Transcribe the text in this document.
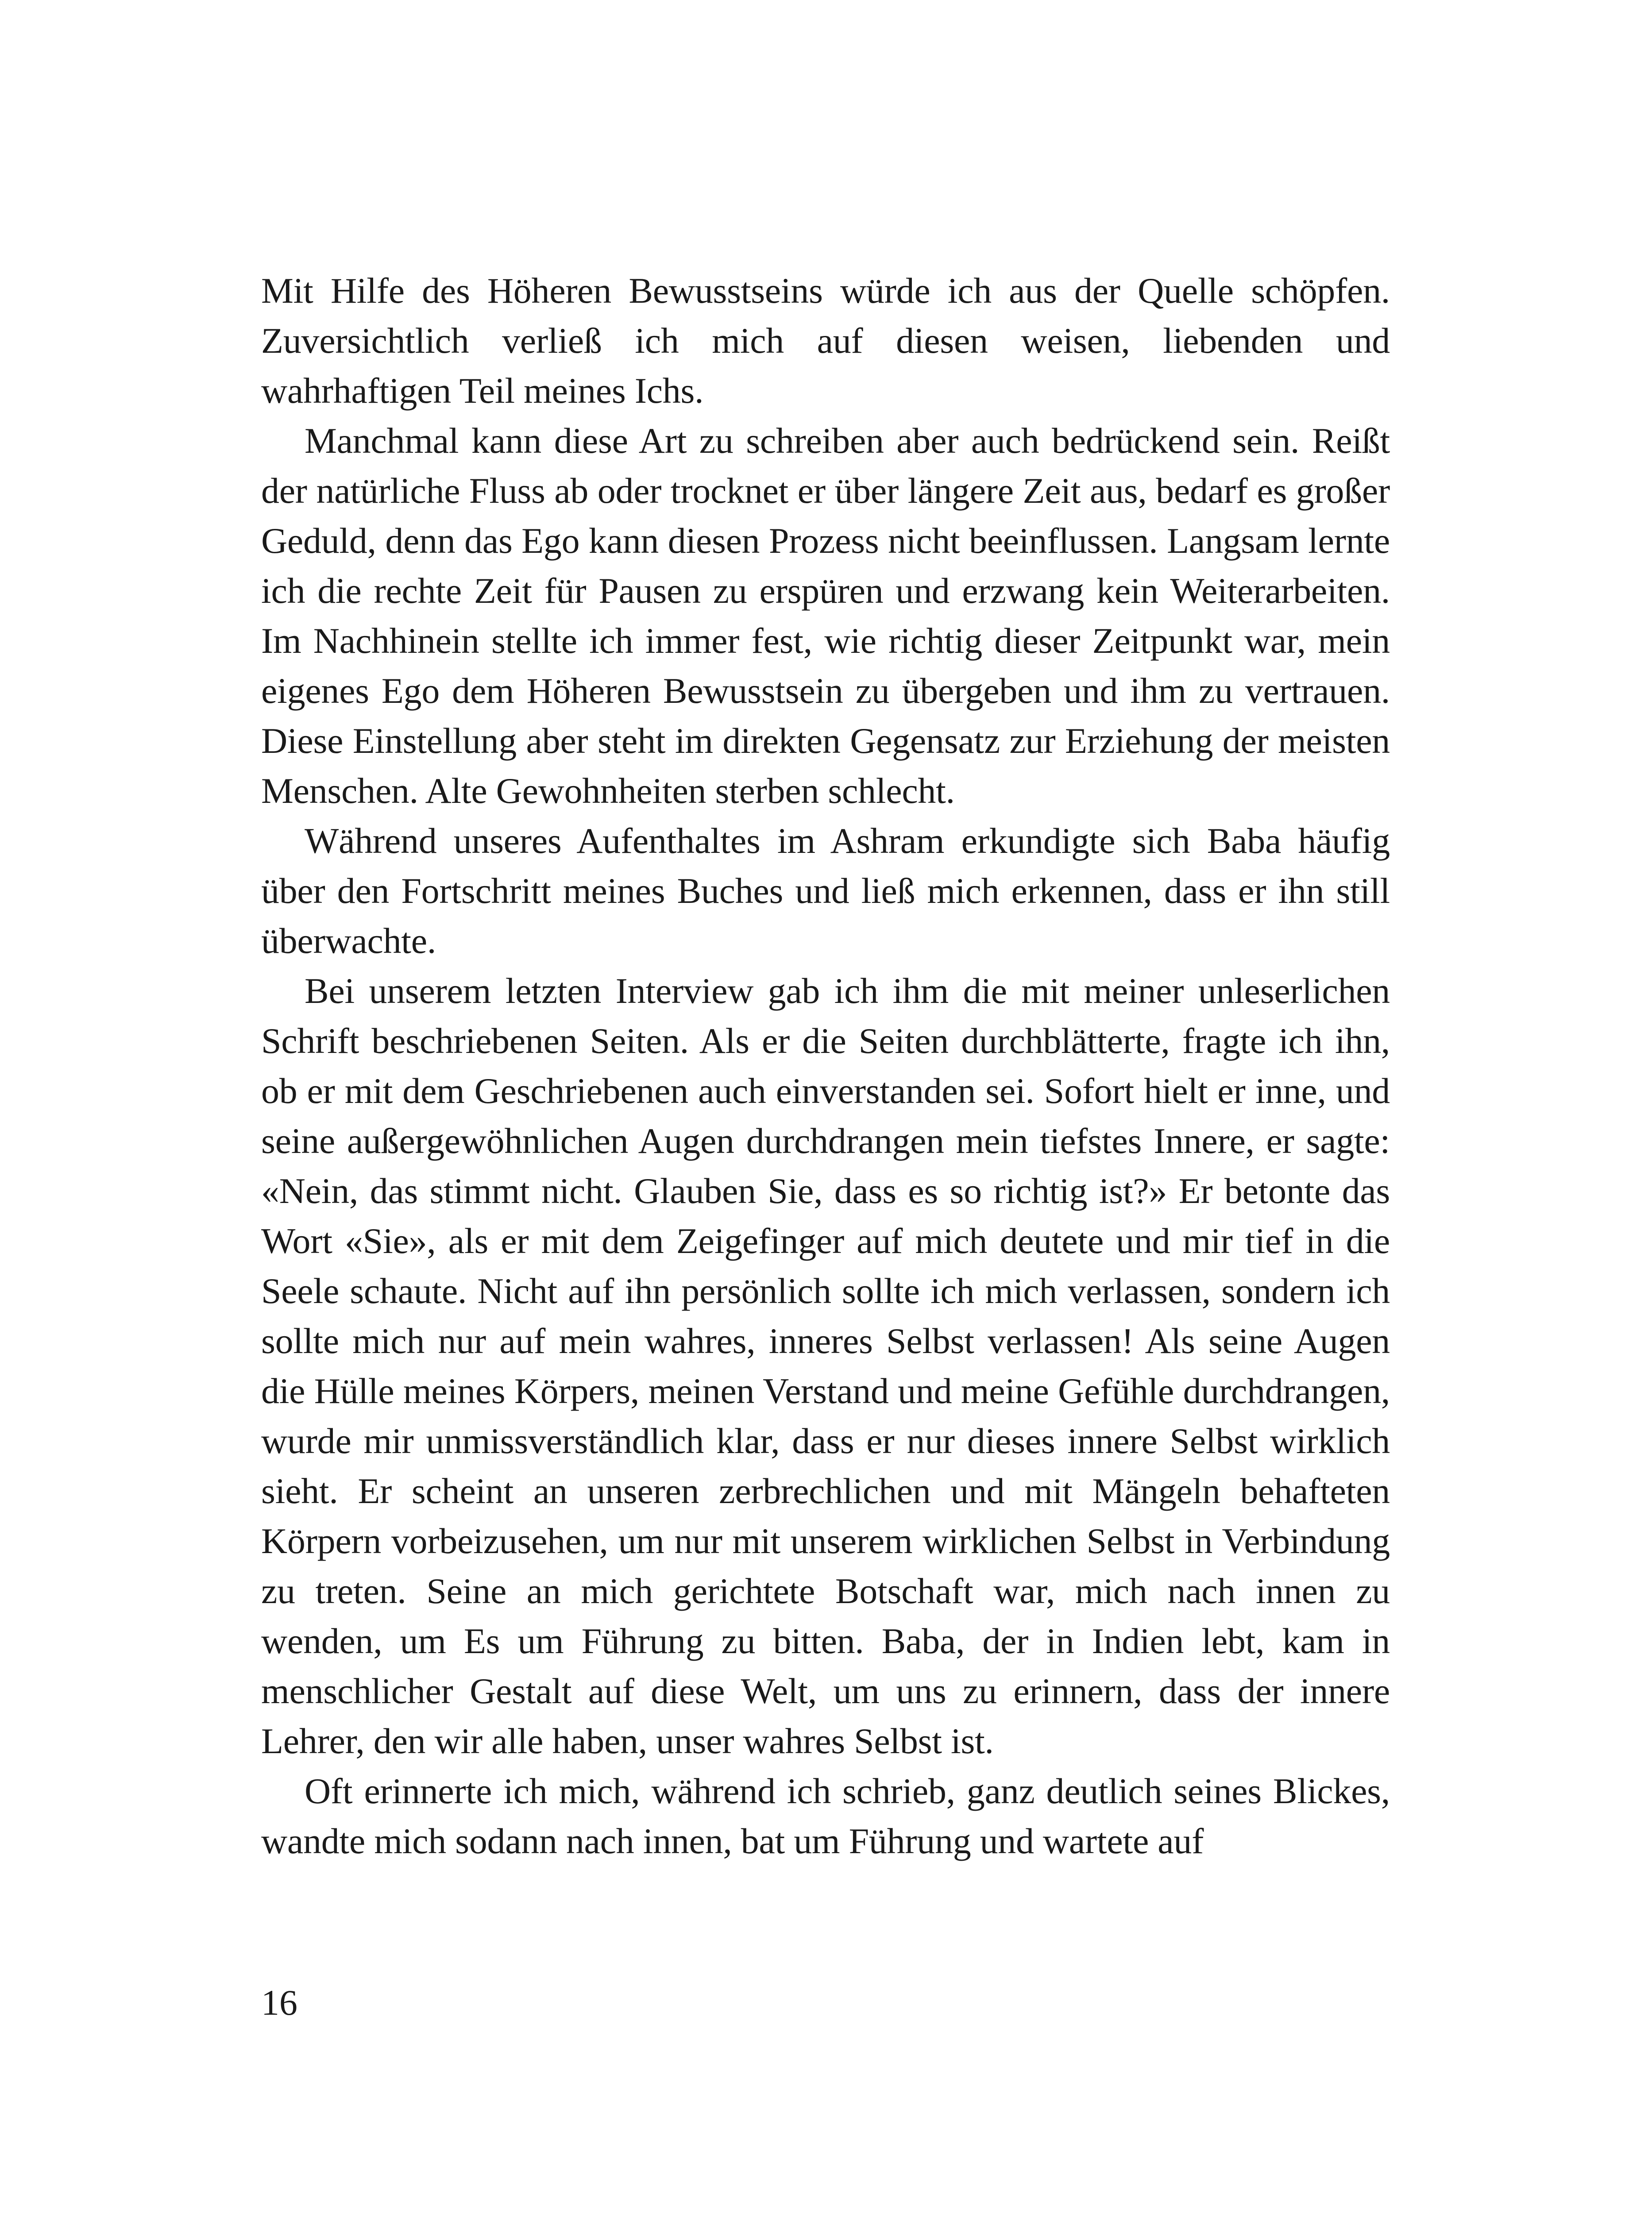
Mit Hilfe des Höheren Bewusstseins würde ich aus der Quelle schöpfen. Zuversichtlich verließ ich mich auf diesen weisen, liebenden und wahrhaftigen Teil meines Ichs.

Manchmal kann diese Art zu schreiben aber auch bedrückend sein. Reißt der natürliche Fluss ab oder trocknet er über längere Zeit aus, bedarf es großer Geduld, denn das Ego kann diesen Prozess nicht beeinflussen. Langsam lernte ich die rechte Zeit für Pausen zu erspüren und erzwang kein Weiterarbeiten. Im Nachhinein stellte ich immer fest, wie richtig dieser Zeitpunkt war, mein eigenes Ego dem Höheren Bewusstsein zu übergeben und ihm zu vertrauen. Diese Einstellung aber steht im direkten Gegensatz zur Erziehung der meisten Menschen. Alte Gewohnheiten sterben schlecht.

Während unseres Aufenthaltes im Ashram erkundigte sich Baba häufig über den Fortschritt meines Buches und ließ mich erkennen, dass er ihn still überwachte.

Bei unserem letzten Interview gab ich ihm die mit meiner unleserlichen Schrift beschriebenen Seiten. Als er die Seiten durchblätterte, fragte ich ihn, ob er mit dem Geschriebenen auch einverstanden sei. Sofort hielt er inne, und seine außergewöhnlichen Augen durchdrangen mein tiefstes Innere, er sagte: «Nein, das stimmt nicht. Glauben Sie, dass es so richtig ist?» Er betonte das Wort «Sie», als er mit dem Zeigefinger auf mich deutete und mir tief in die Seele schaute. Nicht auf ihn persönlich sollte ich mich verlassen, sondern ich sollte mich nur auf mein wahres, inneres Selbst verlassen! Als seine Augen die Hülle meines Körpers, meinen Verstand und meine Gefühle durchdrangen, wurde mir unmissverständlich klar, dass er nur dieses innere Selbst wirklich sieht. Er scheint an unseren zerbrechlichen und mit Mängeln behafteten Körpern vorbeizusehen, um nur mit unserem wirklichen Selbst in Verbindung zu treten. Seine an mich gerichtete Botschaft war, mich nach innen zu wenden, um Es um Führung zu bitten. Baba, der in Indien lebt, kam in menschlicher Gestalt auf diese Welt, um uns zu erinnern, dass der innere Lehrer, den wir alle haben, unser wahres Selbst ist.

Oft erinnerte ich mich, während ich schrieb, ganz deutlich seines Blickes, wandte mich sodann nach innen, bat um Führung und wartete auf

16
